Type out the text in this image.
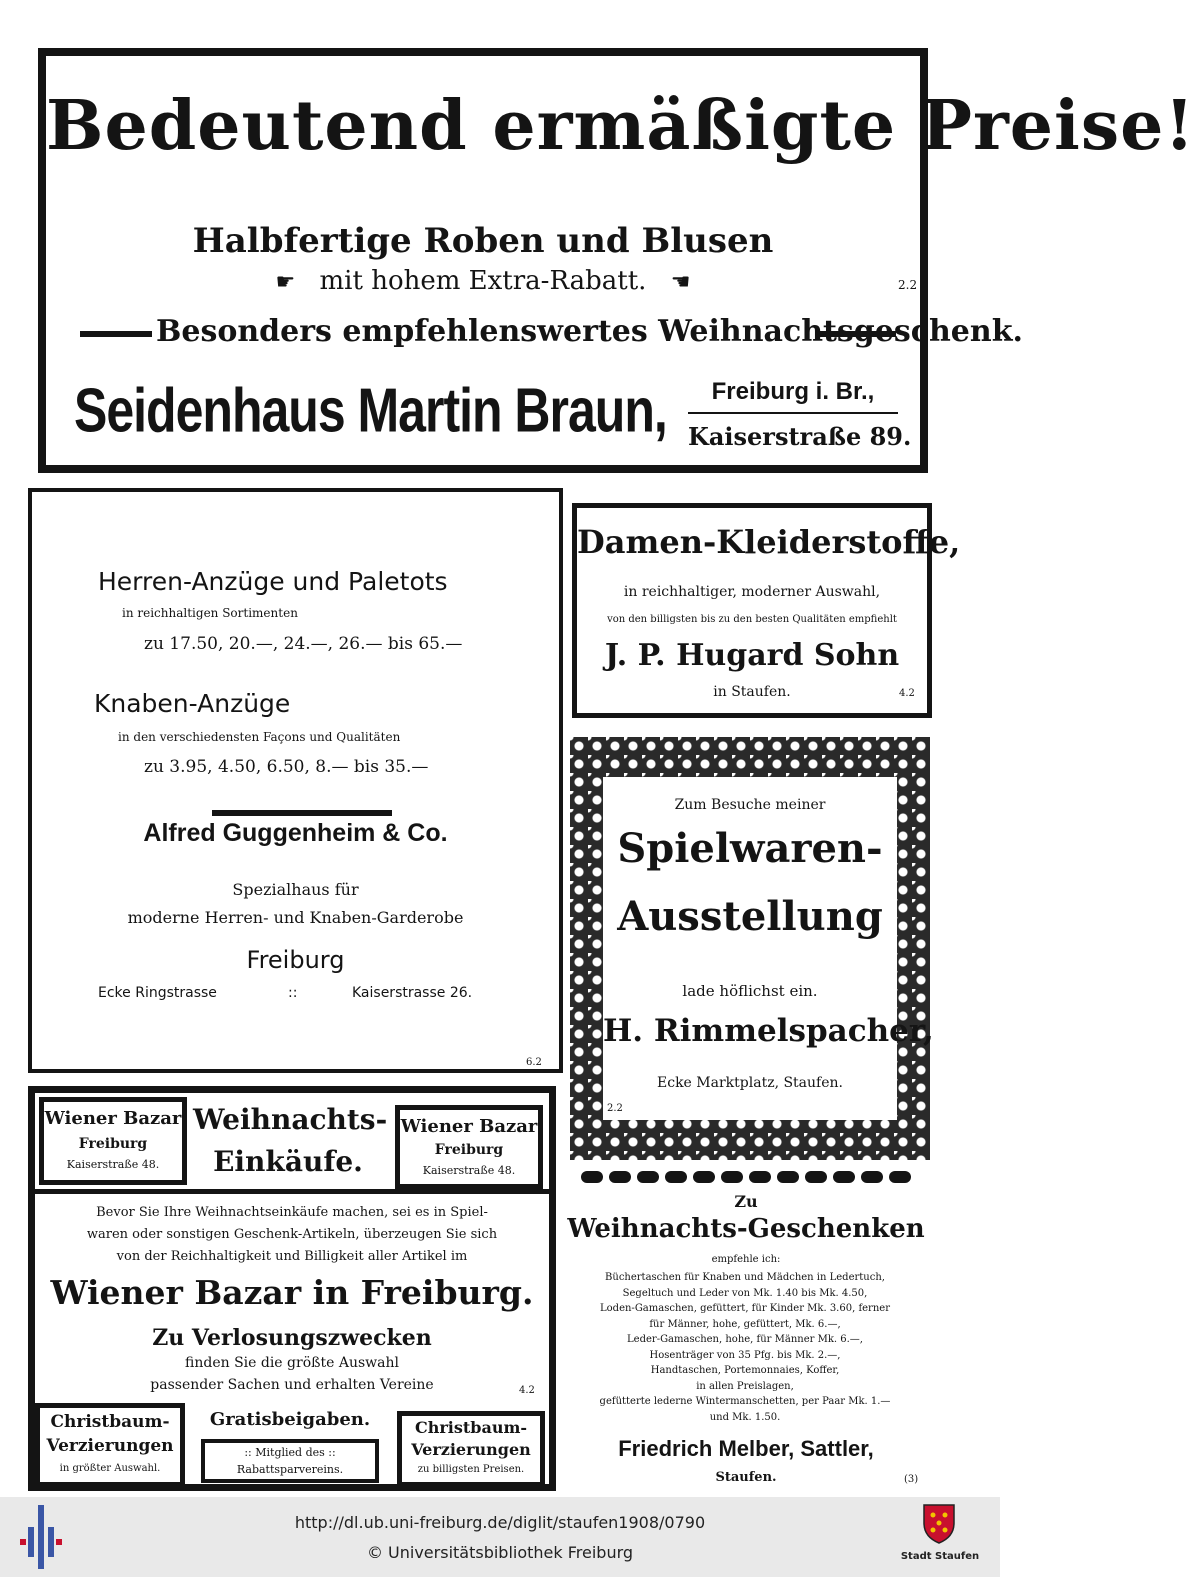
Bedeutend ermäßigte Preise!
Halbfertige Roben und Blusen
☛ mit hohem Extra-Rabatt. ☚	2.2
Besonders empfehlenswertes Weihnachtsgeschenk.
Seidenhaus Martin Braun,	Freiburg i. Br.,
Kaiserstraße 89.
Herren-Anzüge und Paletots
in reichhaltigen Sortimenten
zu 17.50, 20.—, 24.—, 26.— bis 65.—
Knaben-Anzüge
in den verschiedensten Façons und Qualitäten
zu 3.95, 4.50, 6.50, 8.— bis 35.—
Alfred Guggenheim & Co.
Spezialhaus für
moderne Herren- und Knaben-Garderobe
Freiburg
Ecke Ringstrasse	::	Kaiserstrasse 26.
6.2
Damen-Kleiderstoffe,
in reichhaltiger, moderner Auswahl,
von den billigsten bis zu den besten Qualitäten empfiehlt
J. P. Hugard Sohn
in Staufen.	4.2
Zum Besuche meiner
Spielwaren-
Ausstellung
lade höflichst ein.
H. Rimmelspacher,
Ecke Marktplatz, Staufen.
2.2
Wiener Bazar
Freiburg
Kaiserstraße 48.
Weihnachts-
Einkäufe.
Wiener Bazar
Freiburg
Kaiserstraße 48.
Bevor Sie Ihre Weihnachtseinkäufe machen, sei es in Spiel-
waren oder sonstigen Geschenk-Artikeln, überzeugen Sie sich
von der Reichhaltigkeit und Billigkeit aller Artikel im
Wiener Bazar in Freiburg.
Zu Verlosungszwecken
finden Sie die größte Auswahl
passender Sachen und erhalten Vereine	4.2
Christbaum-
Verzierungen
in größter Auswahl.
Gratisbeigaben.
:: Mitglied des ::
Rabattsparvereins.
Christbaum-
Verzierungen
zu billigsten Preisen.
Zu
Weihnachts-Geschenken
empfehle ich:
Büchertaschen für Knaben und Mädchen in Ledertuch,
Segeltuch und Leder von Mk. 1.40 bis Mk. 4.50,
Loden-Gamaschen, gefüttert, für Kinder Mk. 3.60, ferner
für Männer, hohe, gefüttert, Mk. 6.—,
Leder-Gamaschen, hohe, für Männer Mk. 6.—,
Hosenträger von 35 Pfg. bis Mk. 2.—,
Handtaschen, Portemonnaies, Koffer,
in allen Preislagen,
gefütterte lederne Wintermanschetten, per Paar Mk. 1.—
und Mk. 1.50.
Friedrich Melber, Sattler,
Staufen.	(3)
http://dl.ub.uni-freiburg.de/diglit/staufen1908/0790
© Universitätsbibliothek Freiburg	Stadt Staufen
